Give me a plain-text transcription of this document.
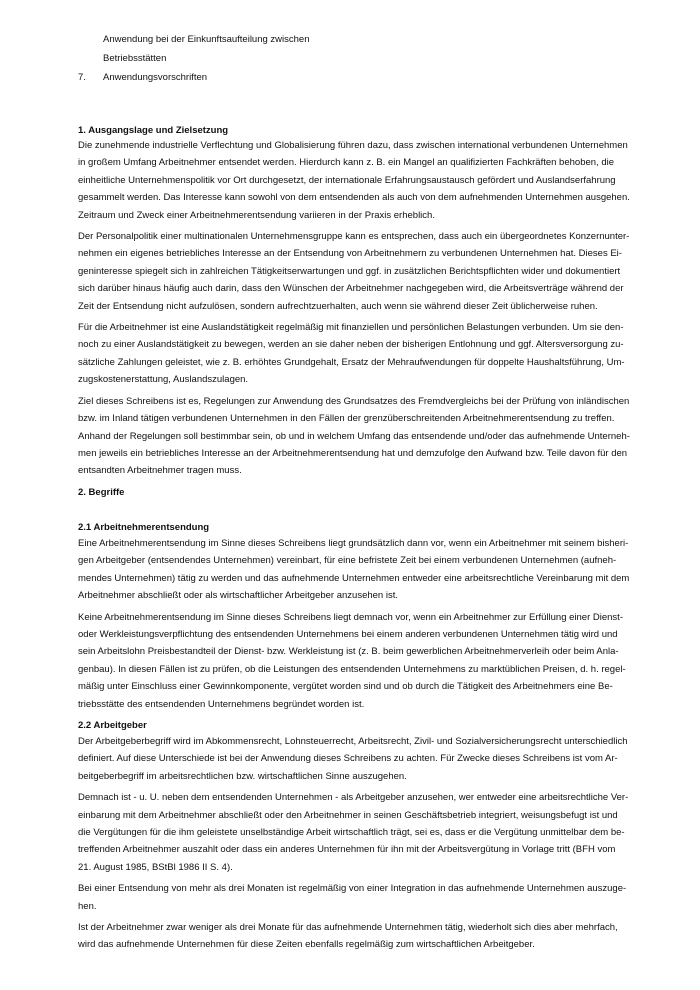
Anwendung bei der Einkunftsaufteilung zwischen
Betriebsstätten
7.	Anwendungsvorschriften
1. Ausgangslage und Zielsetzung
Die zunehmende industrielle Verflechtung und Globalisierung führen dazu, dass zwischen international verbundenen Unternehmen
in großem Umfang Arbeitnehmer entsendet werden. Hierdurch kann z. B. ein Mangel an qualifizierten Fachkräften behoben, die
einheitliche Unternehmenspolitik vor Ort durchgesetzt, der internationale Erfahrungsaustausch gefördert und Auslandserfahrung
gesammelt werden. Das Interesse kann sowohl von dem entsendenden als auch von dem aufnehmenden Unternehmen ausgehen.
Zeitraum und Zweck einer Arbeitnehmerentsendung variieren in der Praxis erheblich.
Der Personalpolitik einer multinationalen Unternehmensgruppe kann es entsprechen, dass auch ein übergeordnetes Konzernunter-
nehmen ein eigenes betriebliches Interesse an der Entsendung von Arbeitnehmern zu verbundenen Unternehmen hat. Dieses Ei-
geninteresse spiegelt sich in zahlreichen Tätigkeitserwartungen und ggf. in zusätzlichen Berichtspflichten wider und dokumentiert
sich darüber hinaus häufig auch darin, dass den Wünschen der Arbeitnehmer nachgegeben wird, die Arbeitsverträge während der
Zeit der Entsendung nicht aufzulösen, sondern aufrechtzuerhalten, auch wenn sie während dieser Zeit üblicherweise ruhen.
Für die Arbeitnehmer ist eine Auslandstätigkeit regelmäßig mit finanziellen und persönlichen Belastungen verbunden. Um sie den-
noch zu einer Auslandstätigkeit zu bewegen, werden an sie daher neben der bisherigen Entlohnung und ggf. Altersversorgung zu-
sätzliche Zahlungen geleistet, wie z. B. erhöhtes Grundgehalt, Ersatz der Mehraufwendungen für doppelte Haushaltsführung, Um-
zugskostenerstattung, Auslandszulagen.
Ziel dieses Schreibens ist es, Regelungen zur Anwendung des Grundsatzes des Fremdvergleichs bei der Prüfung von inländischen
bzw. im Inland tätigen verbundenen Unternehmen in den Fällen der grenzüberschreitenden Arbeitnehmerentsendung zu treffen.
Anhand der Regelungen soll bestimmbar sein, ob und in welchem Umfang das entsendende und/oder das aufnehmende Unterneh-
men jeweils ein betriebliches Interesse an der Arbeitnehmerentsendung hat und demzufolge den Aufwand bzw. Teile davon für den
entsandten Arbeitnehmer tragen muss.
2. Begriffe
2.1 Arbeitnehmerentsendung
Eine Arbeitnehmerentsendung im Sinne dieses Schreibens liegt grundsätzlich dann vor, wenn ein Arbeitnehmer mit seinem bisheri-
gen Arbeitgeber (entsendendes Unternehmen) vereinbart, für eine befristete Zeit bei einem verbundenen Unternehmen (aufneh-
mendes Unternehmen) tätig zu werden und das aufnehmende Unternehmen entweder eine arbeitsrechtliche Vereinbarung mit dem
Arbeitnehmer abschließt oder als wirtschaftlicher Arbeitgeber anzusehen ist.
Keine Arbeitnehmerentsendung im Sinne dieses Schreibens liegt demnach vor, wenn ein Arbeitnehmer zur Erfüllung einer Dienst-
oder Werkleistungsverpflichtung des entsendenden Unternehmens bei einem anderen verbundenen Unternehmen tätig wird und
sein Arbeitslohn Preisbestandteil der Dienst- bzw. Werkleistung ist (z. B. beim gewerblichen Arbeitnehmerverleih oder beim Anla-
genbau). In diesen Fällen ist zu prüfen, ob die Leistungen des entsendenden Unternehmens zu marktüblichen Preisen, d. h. regel-
mäßig unter Einschluss einer Gewinnkomponente, vergütet worden sind und ob durch die Tätigkeit des Arbeitnehmers eine Be-
triebsstätte des entsendenden Unternehmens begründet worden ist.
2.2 Arbeitgeber
Der Arbeitgeberbegriff wird im Abkommensrecht, Lohnsteuerrecht, Arbeitsrecht, Zivil- und Sozialversicherungsrecht unterschiedlich
definiert. Auf diese Unterschiede ist bei der Anwendung dieses Schreibens zu achten. Für Zwecke dieses Schreibens ist vom Ar-
beitgeberbegriff im arbeitsrechtlichen bzw. wirtschaftlichen Sinne auszugehen.
Demnach ist - u. U. neben dem entsendenden Unternehmen - als Arbeitgeber anzusehen, wer entweder eine arbeitsrechtliche Ver-
einbarung mit dem Arbeitnehmer abschließt oder den Arbeitnehmer in seinen Geschäftsbetrieb integriert, weisungsbefugt ist und
die Vergütungen für die ihm geleistete unselbständige Arbeit wirtschaftlich trägt, sei es, dass er die Vergütung unmittelbar dem be-
treffenden Arbeitnehmer auszahlt oder dass ein anderes Unternehmen für ihn mit der Arbeitsvergütung in Vorlage tritt (BFH vom
21. August 1985, BStBl 1986 II S. 4).
Bei einer Entsendung von mehr als drei Monaten ist regelmäßig von einer Integration in das aufnehmende Unternehmen auszuge-
hen.
Ist der Arbeitnehmer zwar weniger als drei Monate für das aufnehmende Unternehmen tätig, wiederholt sich dies aber mehrfach,
wird das aufnehmende Unternehmen für diese Zeiten ebenfalls regelmäßig zum wirtschaftlichen Arbeitgeber.
